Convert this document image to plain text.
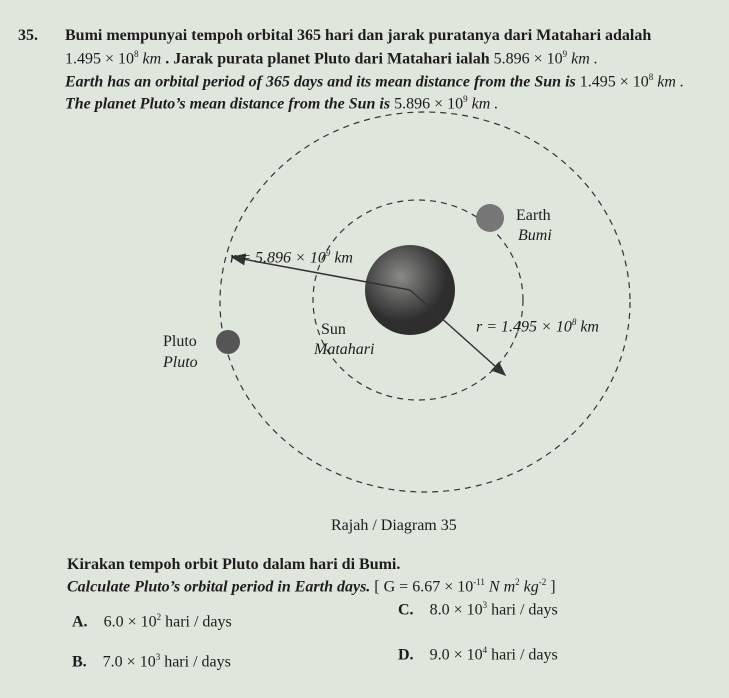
35. Bumi mempunyai tempoh orbital 365 hari dan jarak puratanya dari Matahari adalah
$1.495 \times 10^8$ km . Jarak purata planet Pluto dari Matahari ialah $5.896 \times 10^9$ km .
Earth has an orbital period of 365 days and its mean distance from the Sun is $1.495 \times 10^8$ km .
The planet Pluto’s mean distance from the Sun is $5.896 \times 10^9$ km .
Earth
Bumi
Pluto
Pluto
Sun
Matahari
$r = 5.896 \times 10^9$ km
$r = 1.495 \times 10^8$ km
Rajah / Diagram 35
Kirakan tempoh orbit Pluto dalam hari di Bumi.
Calculate Pluto’s orbital period in Earth days. [ $G = 6.67 \times 10^{-11}$ N $m^2$ $kg^{-2}$ ]
A. $6.0 \times 10^2$ hari / days
B. $7.0 \times 10^3$ hari / days
C. $8.0 \times 10^3$ hari / days
D. $9.0 \times 10^4$ hari / days
